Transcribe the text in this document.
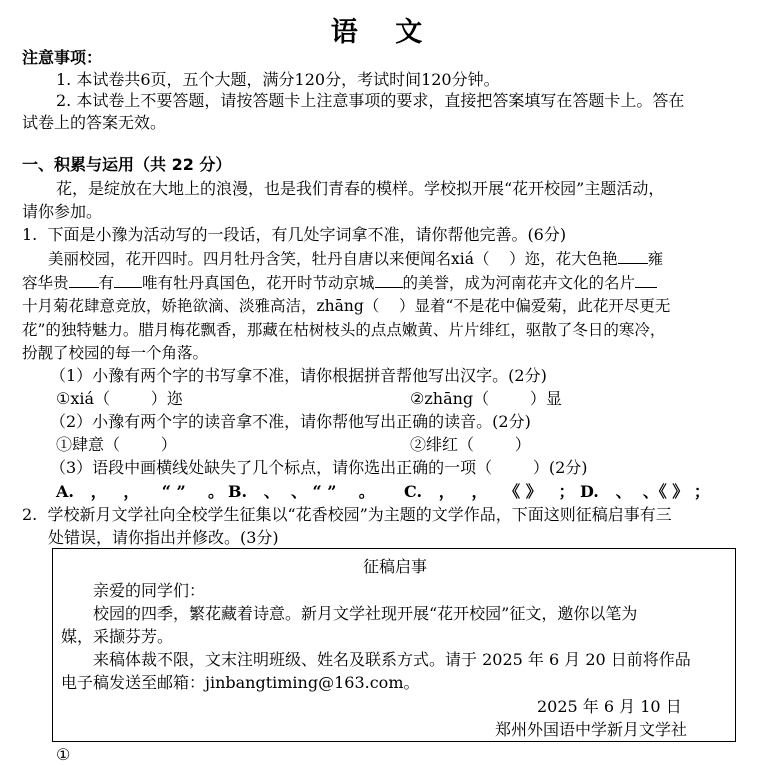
语 文
注意事项：
1. 本试卷共6页，五个大题，满分120分，考试时间120分钟。
2. 本试卷上不要答题，请按答题卡上注意事项的要求，直接把答案填写在答题卡上。答在
试卷上的答案无效。
一、积累与运用（共 22 分）
花，是绽放在大地上的浪漫，也是我们青春的模样。学校拟开展“花开校园”主题活动，
请你参加。
1.  下面是小豫为活动写的一段话，有几处字词拿不准，请你帮他完善。(6分)
美丽校园，花开四时。四月牡丹含笑，牡丹自唐以来便闻名xiá（    ）迩，花大色艳 雍
容华贵 有 唯有牡丹真国色，花开时节动京城 的美誉，成为河南花卉文化的名片
十月菊花肆意竞放，娇艳欲滴、淡雅高洁，zhāng（    ）显着“不是花中偏爱菊，此花开尽更无
花”的独特魅力。腊月梅花飘香，那藏在枯树枝头的点点嫩黄、片片绯红，驱散了冬日的寒冷，
扮靓了校园的每一个角落。
（1）小豫有两个字的书写拿不准，请你根据拼音帮他写出汉字。(2分)
①xiá（        ）迩	②zhāng（        ）显
（2）小豫有两个字的读音拿不准，请你帮他写出正确的读音。(2分)
①肆意（        ）	②绯红（        ）
（3）语段中画横线处缺失了几个标点，请你选出正确的一项（        ）(2分)
A.   ，   ，    “ ”    。 B.   、  、 “ ”    。 C.   ，   ，   《 》   ； D.   、  、《 》 ；
2.  学校新月文学社向全校学生征集以“花香校园”为主题的文学作品，下面这则征稿启事有三
处错误，请你指出并修改。(3分)
征稿启事
亲爱的同学们：
校园的四季，繁花藏着诗意。新月文学社现开展“花开校园”征文，邀你以笔为
媒，采撷芬芳。
来稿体裁不限，文末注明班级、姓名及联系方式。请于 2025 年 6 月 20 日前将作品
电子稿发送至邮箱：jinbangtiming@163.com。
2025 年 6 月 10 日
郑州外国语中学新月文学社
①
